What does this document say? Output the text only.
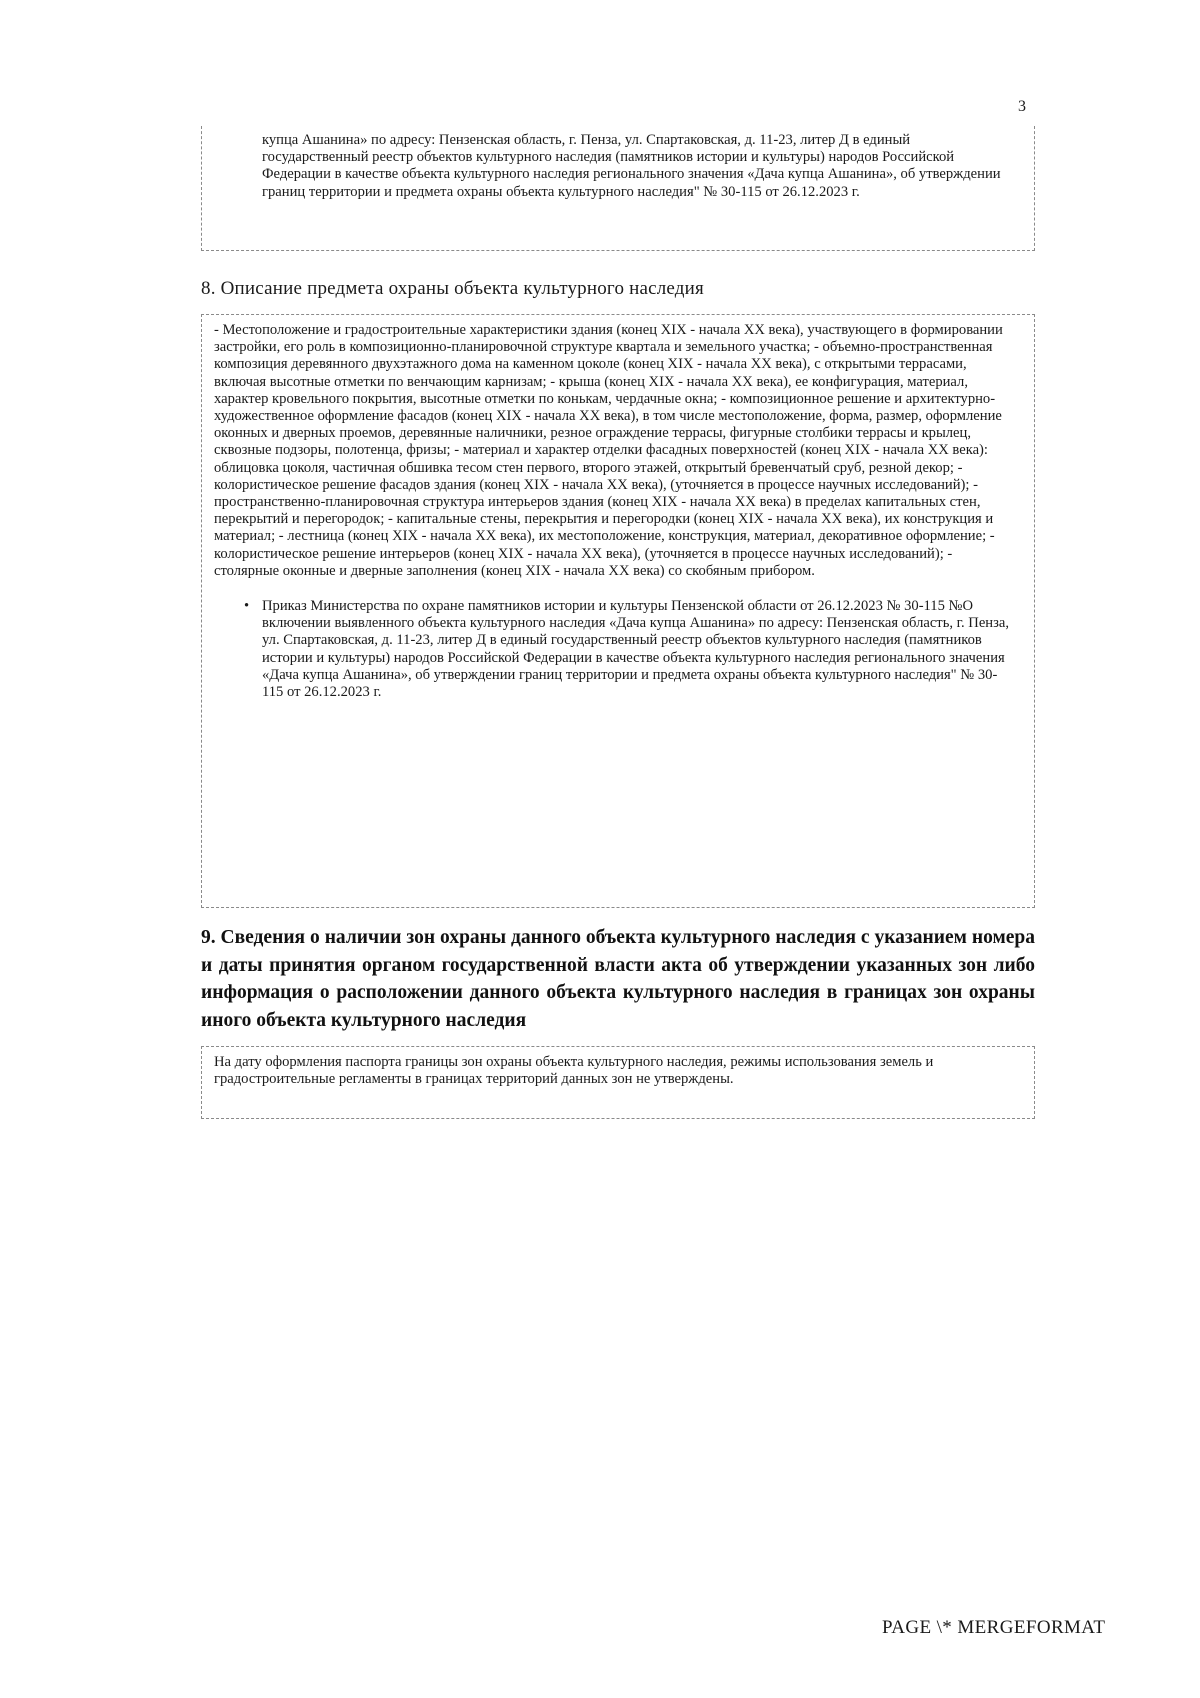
3

купца Ашанина» по адресу: Пензенская область, г. Пенза, ул. Спартаковская, д. 11-23, литер Д в единый государственный реестр объектов культурного наследия (памятников истории и культуры) народов Российской Федерации в качестве объекта культурного наследия регионального значения «Дача купца Ашанина», об утверждении границ территории и предмета охраны объекта культурного наследия" № 30-115 от 26.12.2023 г.

8. Описание предмета охраны объекта культурного наследия

- Местоположение и градостроительные характеристики здания (конец XIX - начала XX века), участвующего в формировании застройки, его роль в композиционно-планировочной структуре квартала и земельного участка; - объемно-пространственная композиция деревянного двухэтажного дома на каменном цоколе (конец XIX - начала XX века), с открытыми террасами, включая высотные отметки по венчающим карнизам; - крыша (конец XIX - начала XX века), ее конфигурация, материал, характер кровельного покрытия, высотные отметки по конькам, чердачные окна; - композиционное решение и архитектурно-художественное оформление фасадов (конец XIX - начала XX века), в том числе местоположение, форма, размер, оформление оконных и дверных проемов, деревянные наличники, резное ограждение террасы, фигурные столбики террасы и крылец, сквозные подзоры, полотенца, фризы; - материал и характер отделки фасадных поверхностей (конец XIX - начала XX века): облицовка цоколя, частичная обшивка тесом стен первого, второго этажей, открытый бревенчатый сруб, резной декор; - колористическое решение фасадов здания (конец XIX - начала XX века), (уточняется в процессе научных исследований); - пространственно-планировочная структура интерьеров здания (конец XIX - начала XX века) в пределах капитальных стен, перекрытий и перегородок; - капитальные стены, перекрытия и перегородки (конец XIX - начала XX века), их конструкция и материал; - лестница (конец XIX - начала XX века), их местоположение, конструкция, материал, декоративное оформление; - колористическое решение интерьеров (конец XIX - начала XX века), (уточняется в процессе научных исследований); - столярные оконные и дверные заполнения (конец XIX - начала XX века) со скобяным прибором.

• Приказ Министерства по охране памятников истории и культуры Пензенской области от 26.12.2023 № 30-115 №О включении выявленного объекта культурного наследия «Дача купца Ашанина» по адресу: Пензенская область, г. Пенза, ул. Спартаковская, д. 11-23, литер Д в единый государственный реестр объектов культурного наследия (памятников истории и культуры) народов Российской Федерации в качестве объекта культурного наследия регионального значения «Дача купца Ашанина», об утверждении границ территории и предмета охраны объекта культурного наследия" № 30-115 от 26.12.2023 г.
9. Сведения о наличии зон охраны данного объекта культурного наследия с указанием номера и даты принятия органом государственной власти акта об утверждении указанных зон либо информация о расположении данного объекта культурного наследия в границах зон охраны иного объекта культурного наследия

На дату оформления паспорта границы зон охраны объекта культурного наследия, режимы использования земель и градостроительные регламенты в границах территорий данных зон не утверждены.

PAGE \* MERGEFORMAT
